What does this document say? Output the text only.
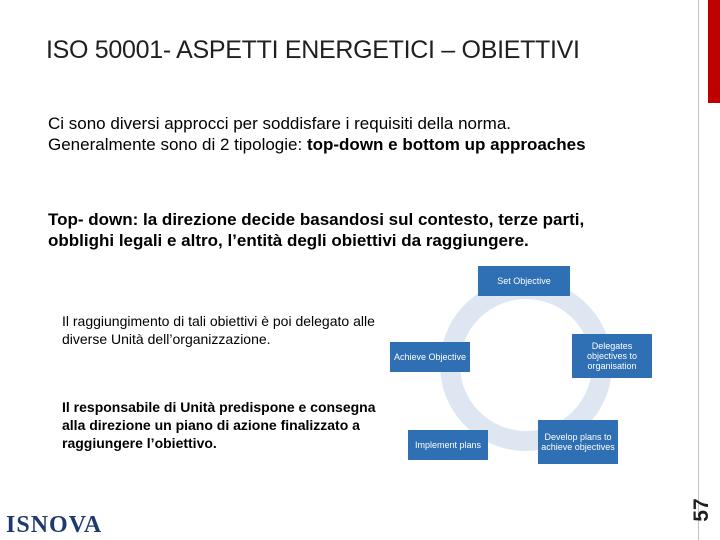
ISO 50001- ASPETTI ENERGETICI – OBIETTIVI
57
Ci sono diversi approcci per soddisfare i requisiti della norma.
Generalmente sono di 2 tipologie: top-down e bottom up approaches
Top- down: la direzione decide basandosi sul contesto, terze parti, obblighi legali e altro, l’entità degli obiettivi da raggiungere.
Il raggiungimento di tali obiettivi è poi delegato alle diverse Unità dell’organizzazione.
Il responsabile di Unità predispone e consegna alla direzione un piano di azione finalizzato a raggiungere l’obiettivo.
Set Objective
Delegates objectives to organisation
Develop plans to achieve objectives
Implement plans
Achieve Objective
ISNOVA
